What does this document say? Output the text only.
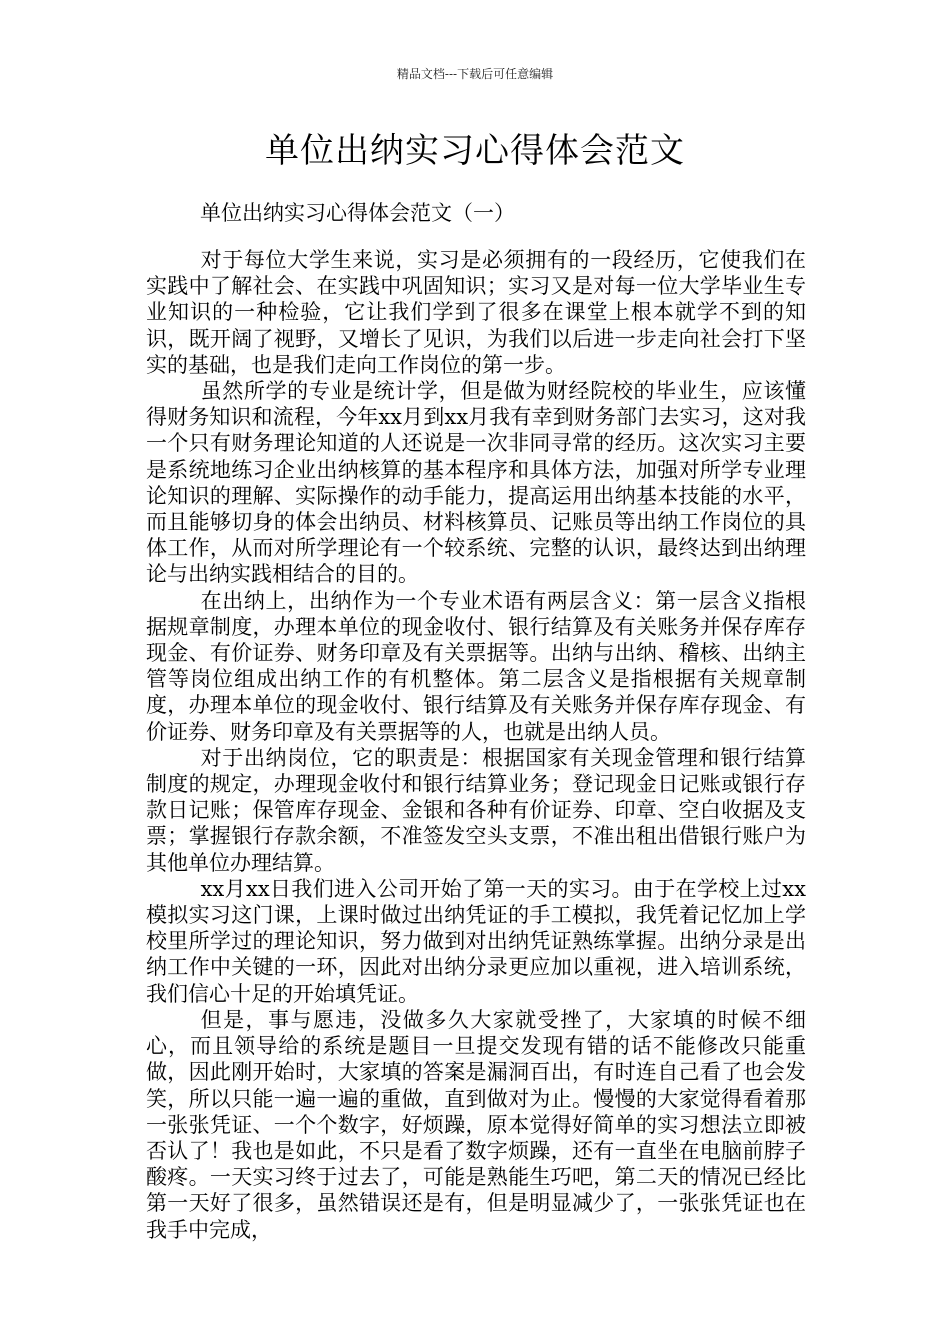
精品文档---下载后可任意编辑
单位出纳实习心得体会范文

单位出纳实习心得体会范文（一）

对于每位大学生来说，实习是必须拥有的一段经历，它使我们在实践中了解社会、在实践中巩固知识；实习又是对每一位大学毕业生专业知识的一种检验，它让我们学到了很多在课堂上根本就学不到的知识，既开阔了视野，又增长了见识，为我们以后进一步走向社会打下坚实的基础，也是我们走向工作岗位的第一步。

虽然所学的专业是统计学，但是做为财经院校的毕业生，应该懂得财务知识和流程，今年xx月到xx月我有幸到财务部门去实习，这对我一个只有财务理论知道的人还说是一次非同寻常的经历。这次实习主要是系统地练习企业出纳核算的基本程序和具体方法，加强对所学专业理论知识的理解、实际操作的动手能力，提高运用出纳基本技能的水平，而且能够切身的体会出纳员、材料核算员、记账员等出纳工作岗位的具体工作，从而对所学理论有一个较系统、完整的认识，最终达到出纳理论与出纳实践相结合的目的。

在出纳上，出纳作为一个专业术语有两层含义：第一层含义指根据规章制度，办理本单位的现金收付、银行结算及有关账务并保存库存现金、有价证券、财务印章及有关票据等。出纳与出纳、稽核、出纳主管等岗位组成出纳工作的有机整体。第二层含义是指根据有关规章制度，办理本单位的现金收付、银行结算及有关账务并保存库存现金、有价证券、财务印章及有关票据等的人，也就是出纳人员。

对于出纳岗位，它的职责是：根据国家有关现金管理和银行结算制度的规定，办理现金收付和银行结算业务；登记现金日记账或银行存款日记账；保管库存现金、金银和各种有价证券、印章、空白收据及支票；掌握银行存款余额，不准签发空头支票，不准出租出借银行账户为其他单位办理结算。

xx月xx日我们进入公司开始了第一天的实习。由于在学校上过xx模拟实习这门课，上课时做过出纳凭证的手工模拟，我凭着记忆加上学校里所学过的理论知识，努力做到对出纳凭证熟练掌握。出纳分录是出纳工作中关键的一环，因此对出纳分录更应加以重视，进入培训系统，我们信心十足的开始填凭证。

但是，事与愿违，没做多久大家就受挫了，大家填的时候不细心，而且领导给的系统是题目一旦提交发现有错的话不能修改只能重做，因此刚开始时，大家填的答案是漏洞百出，有时连自己看了也会发笑，所以只能一遍一遍的重做，直到做对为止。慢慢的大家觉得看着那一张张凭证、一个个数字，好烦躁，原本觉得好简单的实习想法立即被否认了！我也是如此，不只是看了数字烦躁，还有一直坐在电脑前脖子酸疼。一天实习终于过去了，可能是熟能生巧吧，第二天的情况已经比第一天好了很多，虽然错误还是有，但是明显减少了，一张张凭证也在我手中完成，
